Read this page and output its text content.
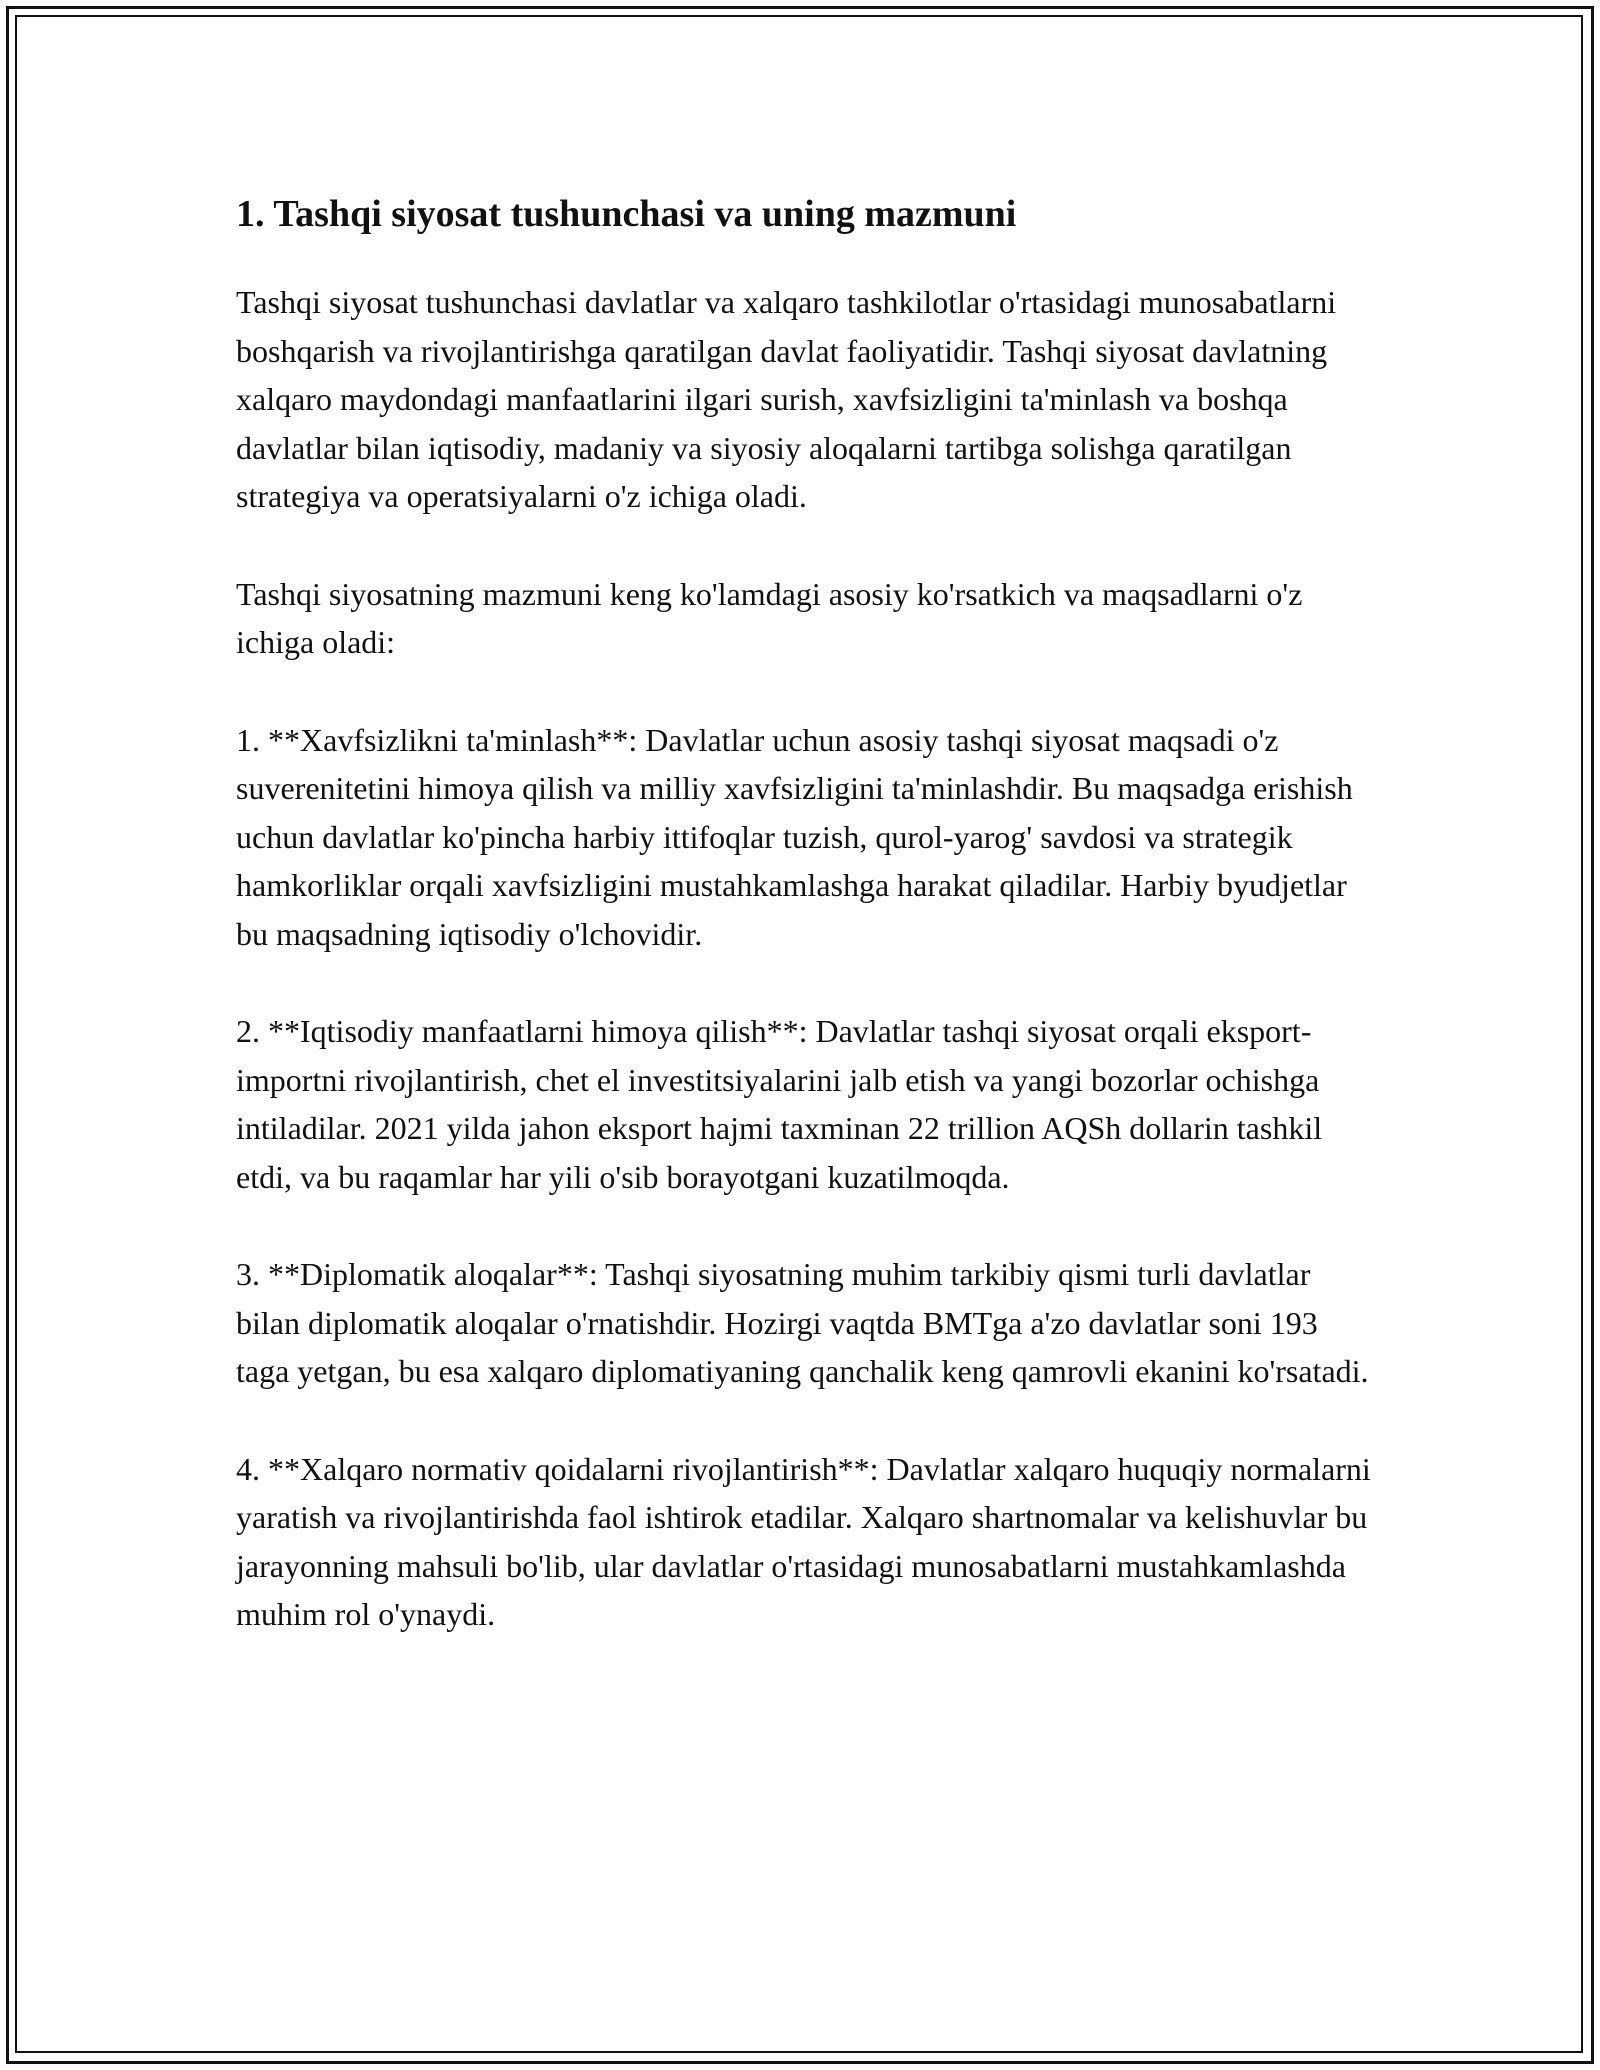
1. Tashqi siyosat tushunchasi va uning mazmuni

Tashqi siyosat tushunchasi davlatlar va xalqaro tashkilotlar o'rtasidagi munosabatlarni boshqarish va rivojlantirishga qaratilgan davlat faoliyatidir. Tashqi siyosat davlatning xalqaro maydondagi manfaatlarini ilgari surish, xavfsizligini ta'minlash va boshqa davlatlar bilan iqtisodiy, madaniy va siyosiy aloqalarni tartibga solishga qaratilgan strategiya va operatsiyalarni o'z ichiga oladi.

Tashqi siyosatning mazmuni keng ko'lamdagi asosiy ko'rsatkich va maqsadlarni o'z ichiga oladi:

1. **Xavfsizlikni ta'minlash**: Davlatlar uchun asosiy tashqi siyosat maqsadi o'z suverenitetini himoya qilish va milliy xavfsizligini ta'minlashdir. Bu maqsadga erishish uchun davlatlar ko'pincha harbiy ittifoqlar tuzish, qurol-yarog' savdosi va strategik hamkorliklar orqali xavfsizligini mustahkamlashga harakat qiladilar. Harbiy byudjetlar bu maqsadning iqtisodiy o'lchovidir.

2. **Iqtisodiy manfaatlarni himoya qilish**: Davlatlar tashqi siyosat orqali eksport-importni rivojlantirish, chet el investitsiyalarini jalb etish va yangi bozorlar ochishga intiladilar. 2021 yilda jahon eksport hajmi taxminan 22 trillion AQSh dollarin tashkil etdi, va bu raqamlar har yili o'sib borayotgani kuzatilmoqda.

3. **Diplomatik aloqalar**: Tashqi siyosatning muhim tarkibiy qismi turli davlatlar bilan diplomatik aloqalar o'rnatishdir. Hozirgi vaqtda BMTga a'zo davlatlar soni 193 taga yetgan, bu esa xalqaro diplomatiyaning qanchalik keng qamrovli ekanini ko'rsatadi.

4. **Xalqaro normativ qoidalarni rivojlantirish**: Davlatlar xalqaro huquqiy normalarni yaratish va rivojlantirishda faol ishtirok etadilar. Xalqaro shartnomalar va kelishuvlar bu jarayonning mahsuli bo'lib, ular davlatlar o'rtasidagi munosabatlarni mustahkamlashda muhim rol o'ynaydi.
